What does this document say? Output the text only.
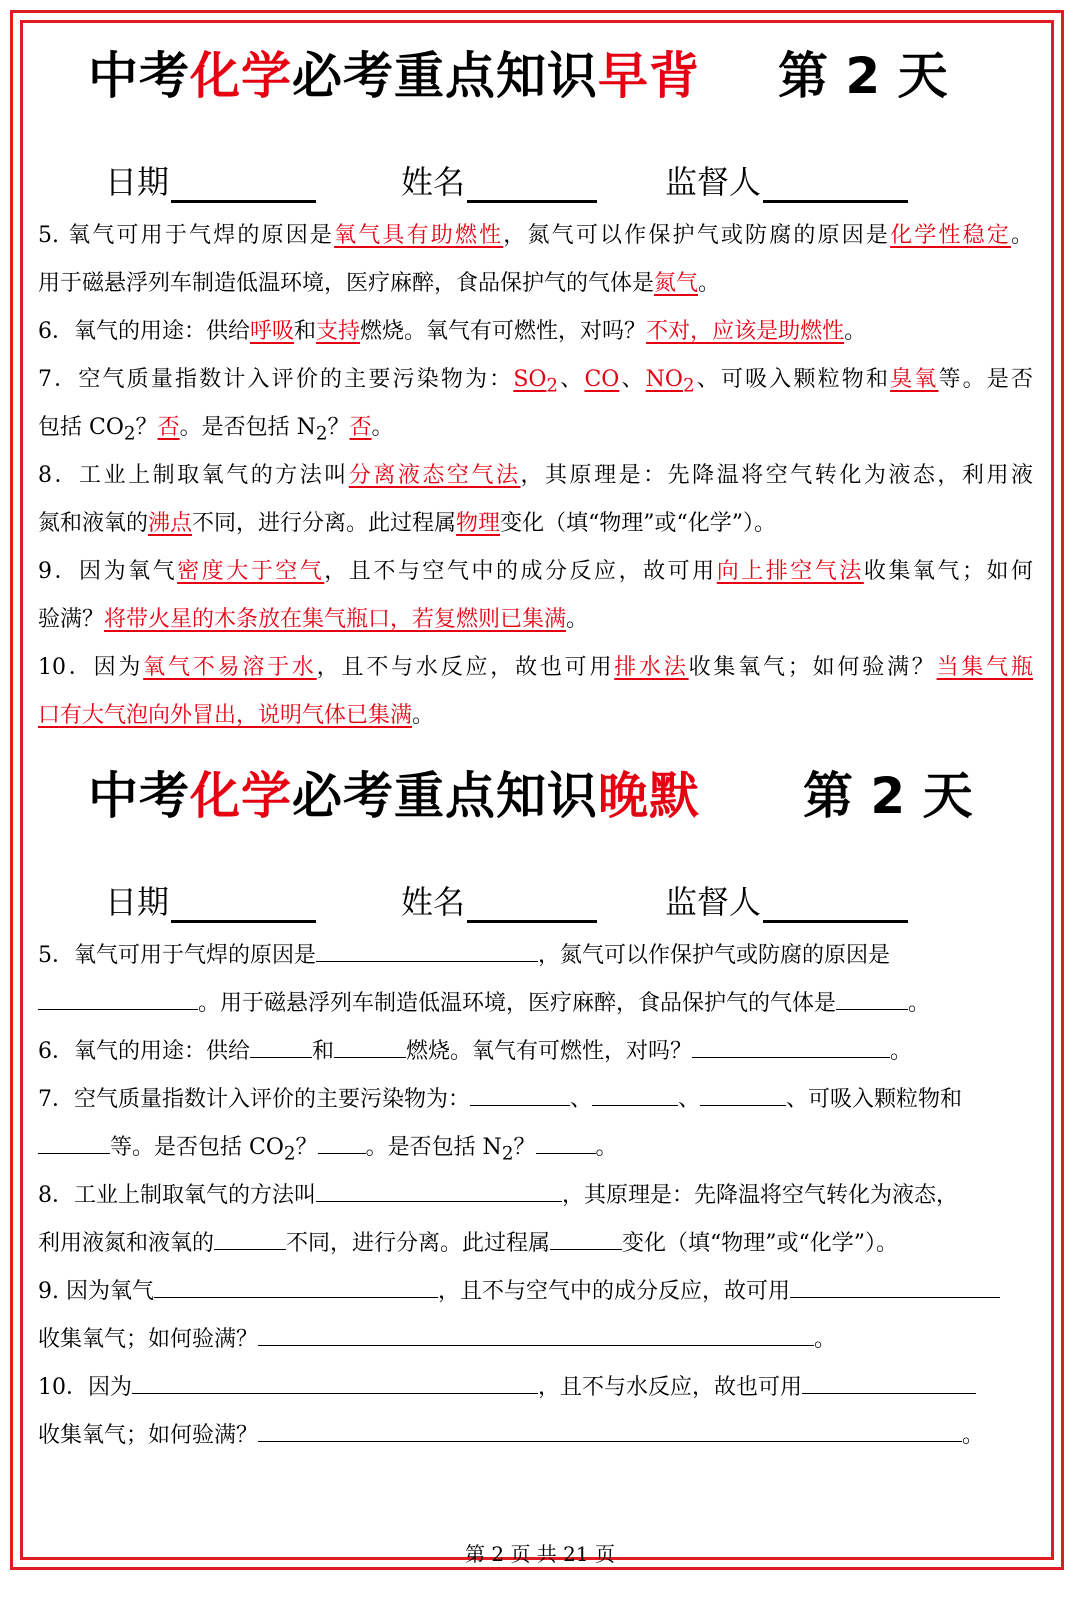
中考化学必考重点知识早背 第 2 天
日期	姓名	监督人
5. 氧气可用于气焊的原因是氧气具有助燃性，氮气可以作保护气或防腐的原因是化学性稳定。
用于磁悬浮列车制造低温环境，医疗麻醉，食品保护气的气体是氮气。
6．氧气的用途：供给呼吸和支持燃烧。氧气有可燃性，对吗？不对，应该是助燃性。
7．空气质量指数计入评价的主要污染物为：$SO_2$、CO、$NO_2$、可吸入颗粒物和臭氧等。是否
包括 $CO_2$？否。是否包括 $N_2$？否。
8．工业上制取氧气的方法叫分离液态空气法，其原理是：先降温将空气转化为液态，利用液
氮和液氧的沸点不同，进行分离。此过程属物理变化（填“物理”或“化学”）。
9．因为氧气密度大于空气，且不与空气中的成分反应，故可用向上排空气法收集氧气；如何
验满？将带火星的木条放在集气瓶口，若复燃则已集满。
10．因为氧气不易溶于水，且不与水反应，故也可用排水法收集氧气；如何验满？当集气瓶
口有大气泡向外冒出，说明气体已集满。
中考化学必考重点知识晚默 第 2 天
日期	姓名	监督人
5．氧气可用于气焊的原因是	，氮气可以作保护气或防腐的原因是
。用于磁悬浮列车制造低温环境，医疗麻醉，食品保护气的气体是	。
6．氧气的用途：供给	和	燃烧。氧气有可燃性，对吗？	。
7．空气质量指数计入评价的主要污染物为：	、	、	、可吸入颗粒物和
等。是否包括 $CO_2$？ 。是否包括 $N_2$？	。
8．工业上制取氧气的方法叫	，其原理是：先降温将空气转化为液态，
利用液氮和液氧的	不同，进行分离。此过程属	变化（填“物理”或“化学”）。
9. 因为氧气	，且不与空气中的成分反应，故可用
收集氧气；如何验满？	。
10．因为	，且不与水反应，故也可用
收集氧气；如何验满？	。
第 2 页 共 21 页
